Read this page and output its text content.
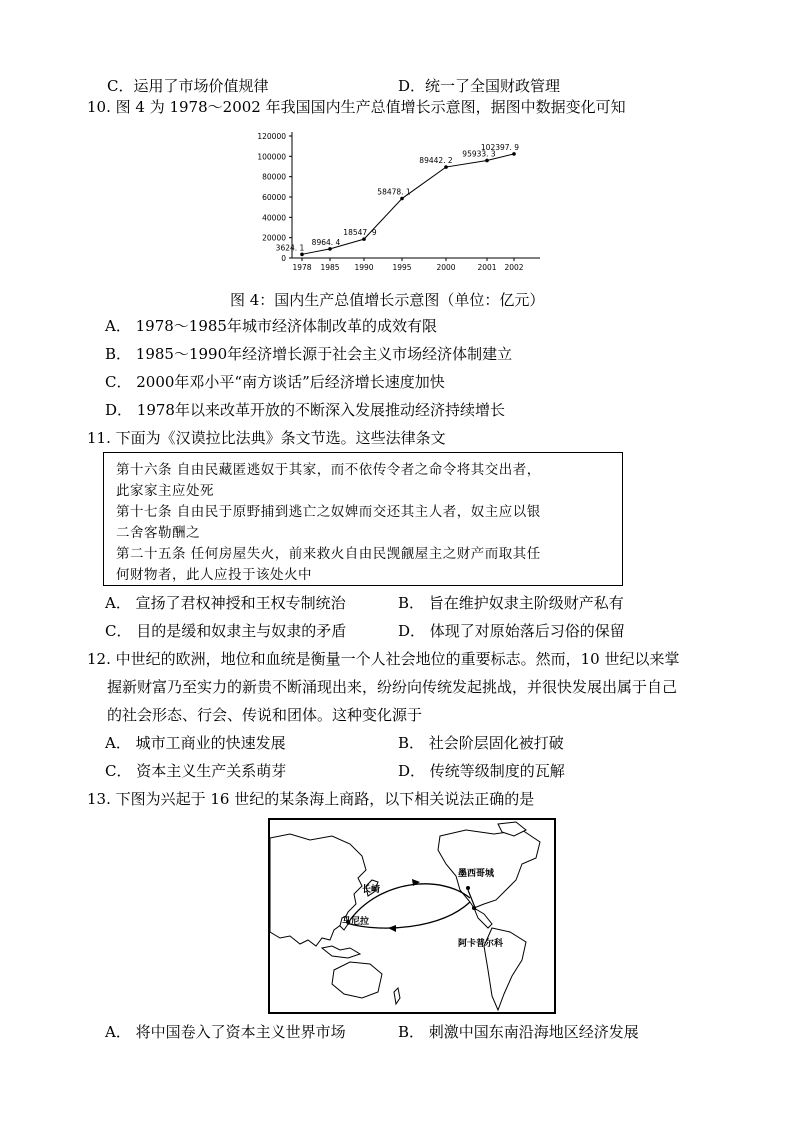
C．运用了市场价值规律	D．统一了全国财政管理
10. 图 4 为 1978～2002 年我国国内生产总值增长示意图，据图中数据变化可知
0
20000
40000
60000
80000
100000
120000
1978 1985 1990	1995	2000	2001 2002
3624. 1
8964. 4
18547. 9
58478. 1
89442. 2
95933. 3
102397. 9
图 4：国内生产总值增长示意图（单位：亿元）
A． 1978～1985年城市经济体制改革的成效有限
B． 1985～1990年经济增长源于社会主义市场经济体制建立
C． 2000年邓小平“南方谈话”后经济增长速度加快
D． 1978年以来改革开放的不断深入发展推动经济持续增长
11. 下面为《汉谟拉比法典》条文节选。这些法律条文
第十六条 自由民藏匿逃奴于其家，而不依传令者之命令将其交出者，
此家家主应处死
第十七条 自由民于原野捕到逃亡之奴婢而交还其主人者，奴主应以银
二舍客勒酬之
第二十五条 任何房屋失火，前来救火自由民觊觎屋主之财产而取其任
何财物者，此人应投于该处火中
A． 宣扬了君权神授和王权专制统治	B． 旨在维护奴隶主阶级财产私有
C． 目的是缓和奴隶主与奴隶的矛盾	D． 体现了对原始落后习俗的保留
12. 中世纪的欧洲，地位和血统是衡量一个人社会地位的重要标志。然而，10 世纪以来掌
握新财富乃至实力的新贵不断涌现出来，纷纷向传统发起挑战，并很快发展出属于自己
的社会形态、行会、传说和团体。这种变化源于
A． 城市工商业的快速发展	B． 社会阶层固化被打破
C． 资本主义生产关系萌芽	D． 传统等级制度的瓦解
13. 下图为兴起于 16 世纪的某条海上商路，以下相关说法正确的是
长崎
马尼拉
墨西哥城
阿卡普尔科
A． 将中国卷入了资本主义世界市场	B． 刺激中国东南沿海地区经济发展
